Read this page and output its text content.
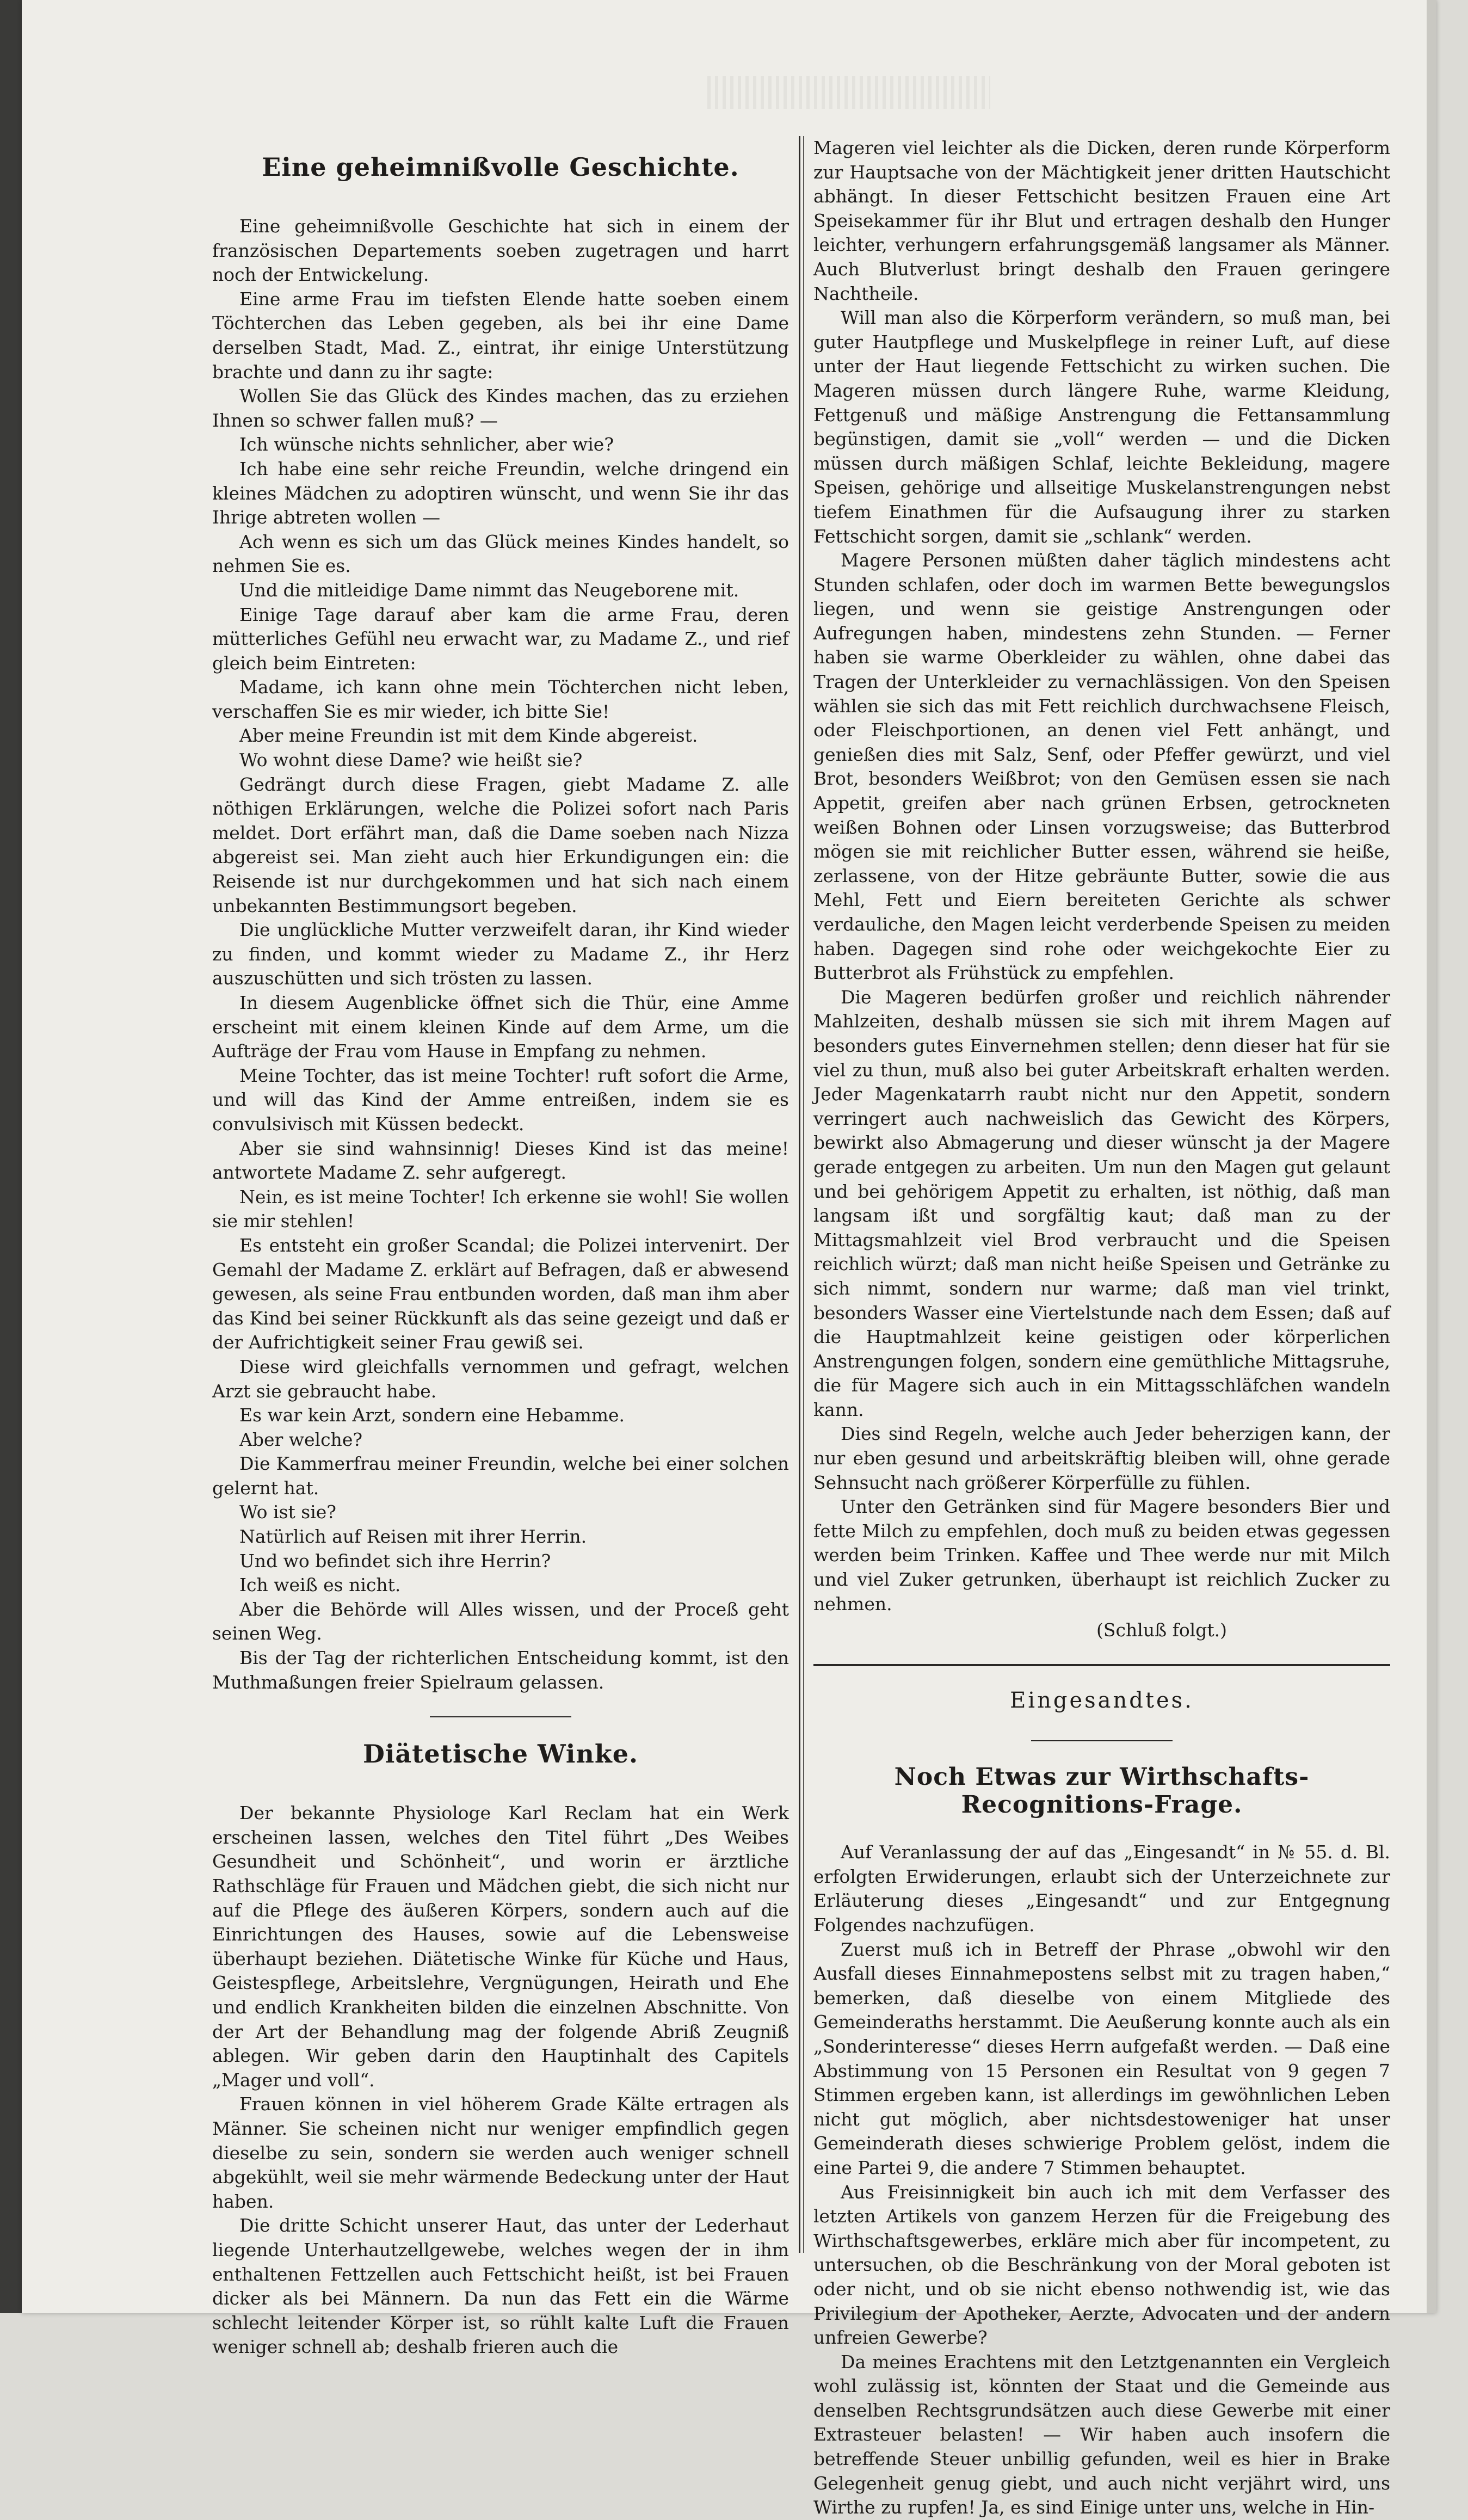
Eine geheimnißvolle Geschichte.

Eine geheimnißvolle Geschichte hat sich in einem der französischen Departements soeben zugetragen und harrt noch der Entwickelung.

Eine arme Frau im tiefsten Elende hatte soeben einem Töchterchen das Leben gegeben, als bei ihr eine Dame derselben Stadt, Mad. Z., eintrat, ihr einige Unterstützung brachte und dann zu ihr sagte:

Wollen Sie das Glück des Kindes machen, das zu erziehen Ihnen so schwer fallen muß? —

Ich wünsche nichts sehnlicher, aber wie?

Ich habe eine sehr reiche Freundin, welche dringend ein kleines Mädchen zu adoptiren wünscht, und wenn Sie ihr das Ihrige abtreten wollen —

Ach wenn es sich um das Glück meines Kindes handelt, so nehmen Sie es.

Und die mitleidige Dame nimmt das Neugeborene mit.

Einige Tage darauf aber kam die arme Frau, deren mütterliches Gefühl neu erwacht war, zu Madame Z., und rief gleich beim Eintreten:

Madame, ich kann ohne mein Töchterchen nicht leben, verschaffen Sie es mir wieder, ich bitte Sie!

Aber meine Freundin ist mit dem Kinde abgereist.

Wo wohnt diese Dame? wie heißt sie?

Gedrängt durch diese Fragen, giebt Madame Z. alle nöthigen Erklärungen, welche die Polizei sofort nach Paris meldet. Dort erfährt man, daß die Dame soeben nach Nizza abgereist sei. Man zieht auch hier Erkundigungen ein: die Reisende ist nur durchgekommen und hat sich nach einem unbekannten Bestimmungsort begeben.

Die unglückliche Mutter verzweifelt daran, ihr Kind wieder zu finden, und kommt wieder zu Madame Z., ihr Herz auszuschütten und sich trösten zu lassen.

In diesem Augenblicke öffnet sich die Thür, eine Amme erscheint mit einem kleinen Kinde auf dem Arme, um die Aufträge der Frau vom Hause in Empfang zu nehmen.

Meine Tochter, das ist meine Tochter! ruft sofort die Arme, und will das Kind der Amme entreißen, indem sie es convulsivisch mit Küssen bedeckt.

Aber sie sind wahnsinnig! Dieses Kind ist das meine! antwortete Madame Z. sehr aufgeregt.

Nein, es ist meine Tochter! Ich erkenne sie wohl! Sie wollen sie mir stehlen!

Es entsteht ein großer Scandal; die Polizei intervenirt. Der Gemahl der Madame Z. erklärt auf Befragen, daß er abwesend gewesen, als seine Frau entbunden worden, daß man ihm aber das Kind bei seiner Rückkunft als das seine gezeigt und daß er der Aufrichtigkeit seiner Frau gewiß sei.

Diese wird gleichfalls vernommen und gefragt, welchen Arzt sie gebraucht habe.

Es war kein Arzt, sondern eine Hebamme.

Aber welche?

Die Kammerfrau meiner Freundin, welche bei einer solchen gelernt hat.

Wo ist sie?

Natürlich auf Reisen mit ihrer Herrin.

Und wo befindet sich ihre Herrin?

Ich weiß es nicht.

Aber die Behörde will Alles wissen, und der Proceß geht seinen Weg.

Bis der Tag der richterlichen Entscheidung kommt, ist den Muthmaßungen freier Spielraum gelassen.

Diätetische Winke.

Der bekannte Physiologe Karl Reclam hat ein Werk erscheinen lassen, welches den Titel führt „Des Weibes Gesundheit und Schönheit“, und worin er ärztliche Rathschläge für Frauen und Mädchen giebt, die sich nicht nur auf die Pflege des äußeren Körpers, sondern auch auf die Einrichtungen des Hauses, sowie auf die Lebensweise überhaupt beziehen. Diätetische Winke für Küche und Haus, Geistespflege, Arbeitslehre, Vergnügungen, Heirath und Ehe und endlich Krankheiten bilden die einzelnen Abschnitte. Von der Art der Behandlung mag der folgende Abriß Zeugniß ablegen. Wir geben darin den Hauptinhalt des Capitels „Mager und voll“.

Frauen können in viel höherem Grade Kälte ertragen als Männer. Sie scheinen nicht nur weniger empfindlich gegen dieselbe zu sein, sondern sie werden auch weniger schnell abgekühlt, weil sie mehr wärmende Bedeckung unter der Haut haben.

Die dritte Schicht unserer Haut, das unter der Lederhaut liegende Unterhautzellgewebe, welches wegen der in ihm enthaltenen Fettzellen auch Fettschicht heißt, ist bei Frauen dicker als bei Männern. Da nun das Fett ein die Wärme schlecht leitender Körper ist, so rühlt kalte Luft die Frauen weniger schnell ab; deshalb frieren auch die

Mageren viel leichter als die Dicken, deren runde Körperform zur Hauptsache von der Mächtigkeit jener dritten Hautschicht abhängt. In dieser Fettschicht besitzen Frauen eine Art Speisekammer für ihr Blut und ertragen deshalb den Hunger leichter, verhungern erfahrungsgemäß langsamer als Männer. Auch Blutverlust bringt deshalb den Frauen geringere Nachtheile.

Will man also die Körperform verändern, so muß man, bei guter Hautpflege und Muskelpflege in reiner Luft, auf diese unter der Haut liegende Fettschicht zu wirken suchen. Die Mageren müssen durch längere Ruhe, warme Kleidung, Fettgenuß und mäßige Anstrengung die Fettansammlung begünstigen, damit sie „voll“ werden — und die Dicken müssen durch mäßigen Schlaf, leichte Bekleidung, magere Speisen, gehörige und allseitige Muskelanstrengungen nebst tiefem Einathmen für die Aufsaugung ihrer zu starken Fettschicht sorgen, damit sie „schlank“ werden.

Magere Personen müßten daher täglich mindestens acht Stunden schlafen, oder doch im warmen Bette bewegungslos liegen, und wenn sie geistige Anstrengungen oder Aufregungen haben, mindestens zehn Stunden. — Ferner haben sie warme Oberkleider zu wählen, ohne dabei das Tragen der Unterkleider zu vernachlässigen. Von den Speisen wählen sie sich das mit Fett reichlich durchwachsene Fleisch, oder Fleischportionen, an denen viel Fett anhängt, und genießen dies mit Salz, Senf, oder Pfeffer gewürzt, und viel Brot, besonders Weißbrot; von den Gemüsen essen sie nach Appetit, greifen aber nach grünen Erbsen, getrockneten weißen Bohnen oder Linsen vorzugsweise; das Butterbrod mögen sie mit reichlicher Butter essen, während sie heiße, zerlassene, von der Hitze gebräunte Butter, sowie die aus Mehl, Fett und Eiern bereiteten Gerichte als schwer verdauliche, den Magen leicht verderbende Speisen zu meiden haben. Dagegen sind rohe oder weichgekochte Eier zu Butterbrot als Frühstück zu empfehlen.

Die Mageren bedürfen großer und reichlich nährender Mahlzeiten, deshalb müssen sie sich mit ihrem Magen auf besonders gutes Einvernehmen stellen; denn dieser hat für sie viel zu thun, muß also bei guter Arbeitskraft erhalten werden. Jeder Magenkatarrh raubt nicht nur den Appetit, sondern verringert auch nachweislich das Gewicht des Körpers, bewirkt also Abmagerung und dieser wünscht ja der Magere gerade entgegen zu arbeiten. Um nun den Magen gut gelaunt und bei gehörigem Appetit zu erhalten, ist nöthig, daß man langsam ißt und sorgfältig kaut; daß man zu der Mittagsmahlzeit viel Brod verbraucht und die Speisen reichlich würzt; daß man nicht heiße Speisen und Getränke zu sich nimmt, sondern nur warme; daß man viel trinkt, besonders Wasser eine Viertelstunde nach dem Essen; daß auf die Hauptmahlzeit keine geistigen oder körperlichen Anstrengungen folgen, sondern eine gemüthliche Mittagsruhe, die für Magere sich auch in ein Mittagsschläfchen wandeln kann.

Dies sind Regeln, welche auch Jeder beherzigen kann, der nur eben gesund und arbeitskräftig bleiben will, ohne gerade Sehnsucht nach größerer Körperfülle zu fühlen.

Unter den Getränken sind für Magere besonders Bier und fette Milch zu empfehlen, doch muß zu beiden etwas gegessen werden beim Trinken. Kaffee und Thee werde nur mit Milch und viel Zuker getrunken, überhaupt ist reichlich Zucker zu nehmen.

(Schluß folgt.)
Eingesandtes.
Noch Etwas zur Wirthschafts-Recognitions-Frage.

Auf Veranlassung der auf das „Eingesandt“ in № 55. d. Bl. erfolgten Erwiderungen, erlaubt sich der Unterzeichnete zur Erläuterung dieses „Eingesandt“ und zur Entgegnung Folgendes nachzufügen.

Zuerst muß ich in Betreff der Phrase „obwohl wir den Ausfall dieses Einnahmepostens selbst mit zu tragen haben,“ bemerken, daß dieselbe von einem Mitgliede des Gemeinderaths herstammt. Die Aeußerung konnte auch als ein „Sonderinteresse“ dieses Herrn aufgefaßt werden. — Daß eine Abstimmung von 15 Personen ein Resultat von 9 gegen 7 Stimmen ergeben kann, ist allerdings im gewöhnlichen Leben nicht gut möglich, aber nichtsdestoweniger hat unser Gemeinderath dieses schwierige Problem gelöst, indem die eine Partei 9, die andere 7 Stimmen behauptet.

Aus Freisinnigkeit bin auch ich mit dem Verfasser des letzten Artikels von ganzem Herzen für die Freigebung des Wirthschaftsgewerbes, erkläre mich aber für incompetent, zu untersuchen, ob die Beschränkung von der Moral geboten ist oder nicht, und ob sie nicht ebenso nothwendig ist, wie das Privilegium der Apotheker, Aerzte, Advocaten und der andern unfreien Gewerbe?

Da meines Erachtens mit den Letztgenannten ein Vergleich wohl zulässig ist, könnten der Staat und die Gemeinde aus denselben Rechtsgrundsätzen auch diese Gewerbe mit einer Extrasteuer belasten! — Wir haben auch insofern die betreffende Steuer unbillig gefunden, weil es hier in Brake Gelegenheit genug giebt, und auch nicht verjährt wird, uns Wirthe zu rupfen! Ja, es sind Einige unter uns, welche in Hin-
